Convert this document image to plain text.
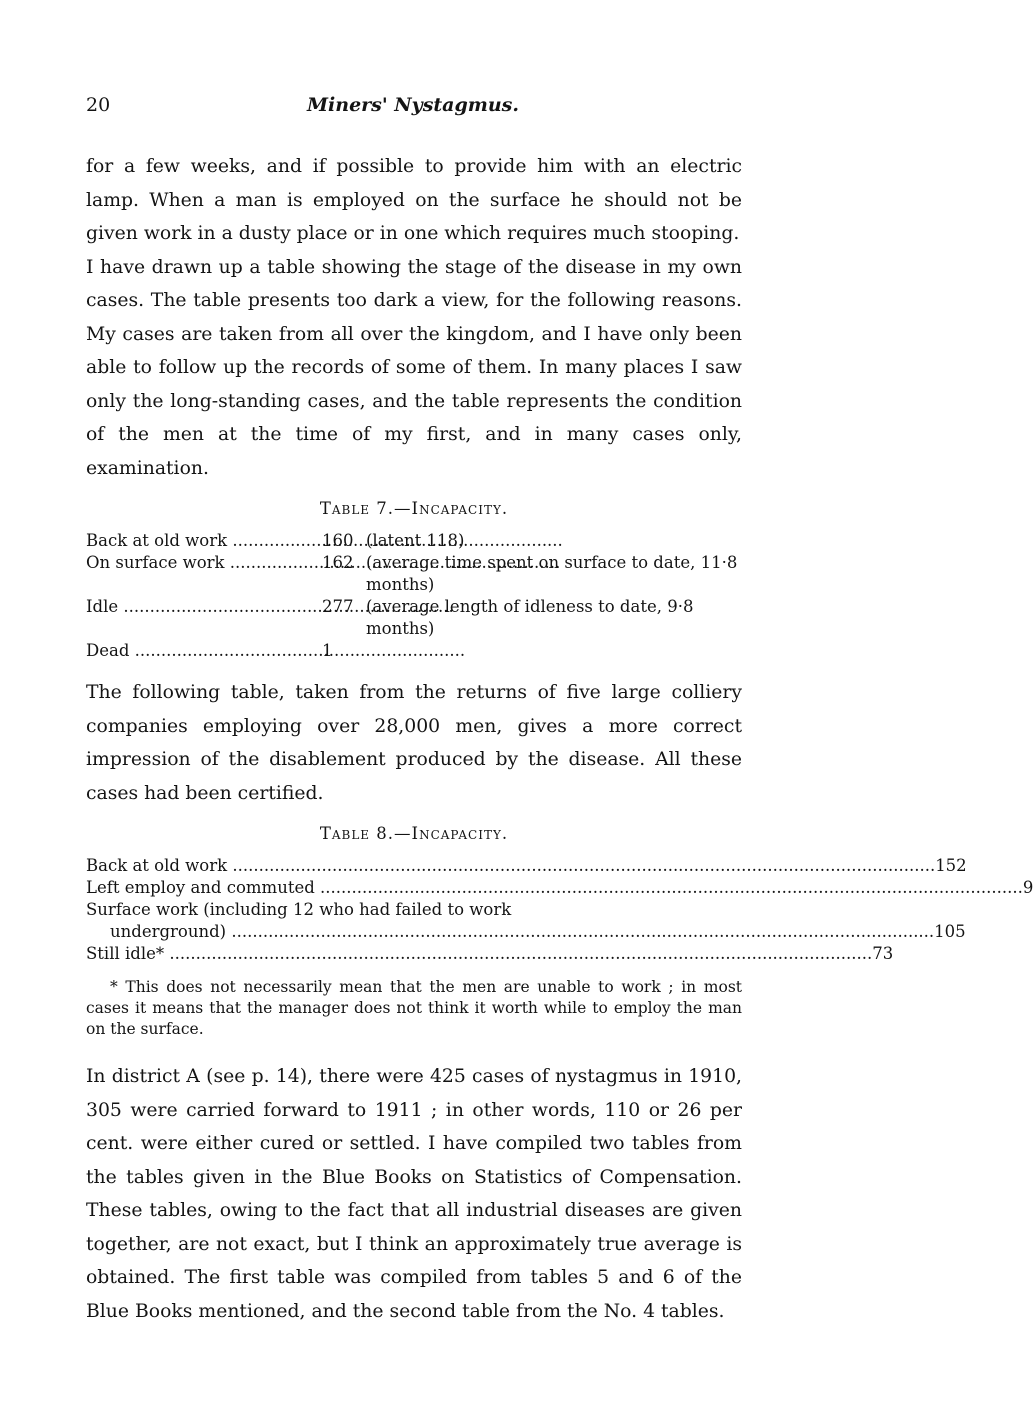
20	Miners' Nystagmus.

for a few weeks, and if possible to provide him with an electric lamp. When a man is employed on the surface he should not be given work in a dusty place or in one which requires much stooping.

I have drawn up a table showing the stage of the disease in my own cases. The table presents too dark a view, for the following reasons. My cases are taken from all over the kingdom, and I have only been able to follow up the records of some of them. In many places I saw only the long-standing cases, and the table represents the condition of the men at the time of my first, and in many cases only, examination.

Table 7.—Incapacity.
Back at old work .....	160 (latent 118)
On surface work .....	162 (average time spent on surface to date, 11·8 months)
Idle .....	277 (average length of idleness to date, 9·8 months)
Dead .....	1

The following table, taken from the returns of five large colliery companies employing over 28,000 men, gives a more correct impression of the disablement produced by the disease. All these cases had been certified.

Table 8.—Incapacity.
Back at old work .....	152
Left employ and commuted .....	9
Surface work (including 12 who had failed to work
underground) .....	105
Still idle* .....	73
* This does not necessarily mean that the men are unable to work ; in most cases it means that the manager does not think it worth while to employ the man on the surface.

In district A (see p. 14), there were 425 cases of nystagmus in 1910, 305 were carried forward to 1911 ; in other words, 110 or 26 per cent. were either cured or settled. I have compiled two tables from the tables given in the Blue Books on Statistics of Compensation. These tables, owing to the fact that all industrial diseases are given together, are not exact, but I think an approximately true average is obtained. The first table was compiled from tables 5 and 6 of the Blue Books mentioned, and the second table from the No. 4 tables.
